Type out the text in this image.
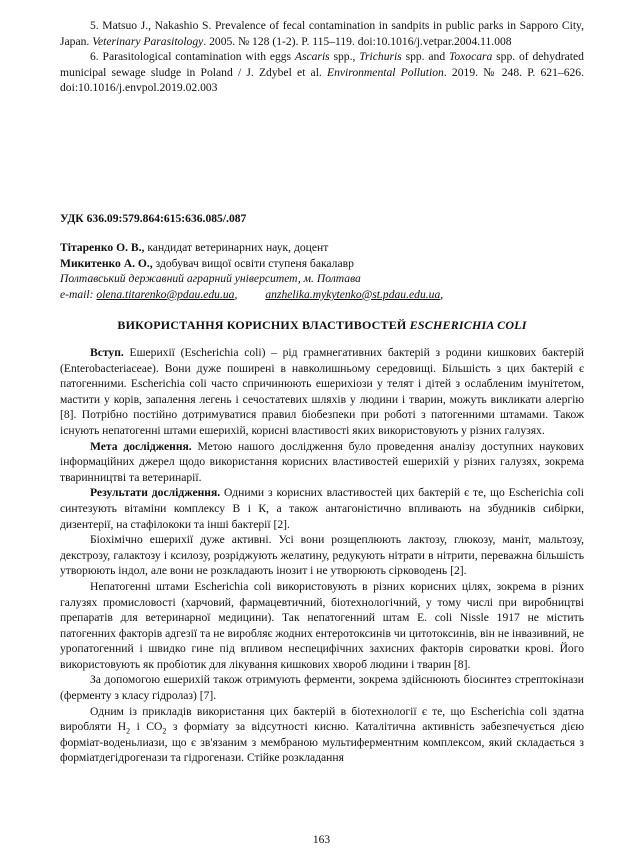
5. Matsuo J., Nakashio S. Prevalence of fecal contamination in sandpits in public parks in Sapporo City, Japan. Veterinary Parasitology. 2005. № 128 (1-2). P. 115–119. doi:10.1016/j.vetpar.2004.11.008

6. Parasitological contamination with eggs Ascaris spp., Trichuris spp. and Toxocara spp. of dehydrated municipal sewage sludge in Poland / J. Zdybel et al. Environmental Pollution. 2019. № 248. P. 621–626. doi:10.1016/j.envpol.2019.02.003

УДК 636.09:579.864:615:636.085/.087

Тітаренко О. В., кандидат ветеринарних наук, доцент

Микитенко А. О., здобувач вищої освіти ступеня бакалавр

Полтавський державний аграрний університет, м. Полтава

e-mail: olena.titarenko@pdau.edu.ua, anzhelika.mykytenko@st.pdau.edu.ua,

ВИКОРИСТАННЯ КОРИСНИХ ВЛАСТИВОСТЕЙ ESCHERICHIA COLI

Вступ. Ешерихії (Escherichia coli) – рід грамнегативних бактерій з родини кишкових бактерій (Enterobacteriaceae). Вони дуже поширені в навколишньому середовищі. Більшість з цих бактерій є патогенними. Escherichia coli часто спричинюють ешерихіози у телят і дітей з ослабленим імунітетом, мастити у корів, запалення легень і сечостатевих шляхів у людини і тварин, можуть викликати алергію [8]. Потрібно постійно дотримуватися правил біобезпеки при роботі з патогенними штамами. Також існують непатогенні штами ешерихій, корисні властивості яких використовують у різних галузях.

Мета дослідження. Метою нашого дослідження було проведення аналізу доступних наукових інформаційних джерел щодо використання корисних властивостей ешерихій у різних галузях, зокрема тваринництві та ветеринарії.

Результати дослідження. Одними з корисних властивостей цих бактерій є те, що Escherichia coli синтезують вітаміни комплексу В і К, а також антагоністично впливають на збудників сибірки, дизентерії, на стафілококи та інші бактерії [2].

Біохімічно ешерихії дуже активні. Усі вони розщеплюють лактозу, глюкозу, маніт, мальтозу, декстрозу, галактозу і ксилозу, розріджують желатину, редукують нітрати в нітрити, переважна більшість утворюють індол, але вони не розкладають інозит і не утворюють сірководень [2].

Непатогенні штами Escherichia coli використовують в різних корисних цілях, зокрема в різних галузях промисловості (харчовий, фармацевтичний, біотехнологічний, у тому числі при виробництві препаратів для ветеринарної медицини). Так непатогенний штам E. coli Nissle 1917 не містить патогенних факторів адгезії та не виробляє жодних ентеротоксинів чи цитотоксинів, він не інвазивний, не уропатогенний і швидко гине під впливом неспецифічних захисних факторів сироватки крові. Його використовують як пробіотик для лікування кишкових хвороб людини і тварин [8].

За допомогою ешерихій також отримують ферменти, зокрема здійснюють біосинтез стрептокінази (ферменту з класу гідролаз) [7].

Одним із прикладів використання цих бактерій в біотехнології є те, що Escherichia coli здатна виробляти $H_2$ і $CO_2$ з форміату за відсутності кисню. Каталітична активність забезпечується дією форміат-воденьлиази, що є зв'язаним з мембраною мультиферментним комплексом, який складається з форміатдегідрогенази та гідрогенази. Стійке розкладання

163
